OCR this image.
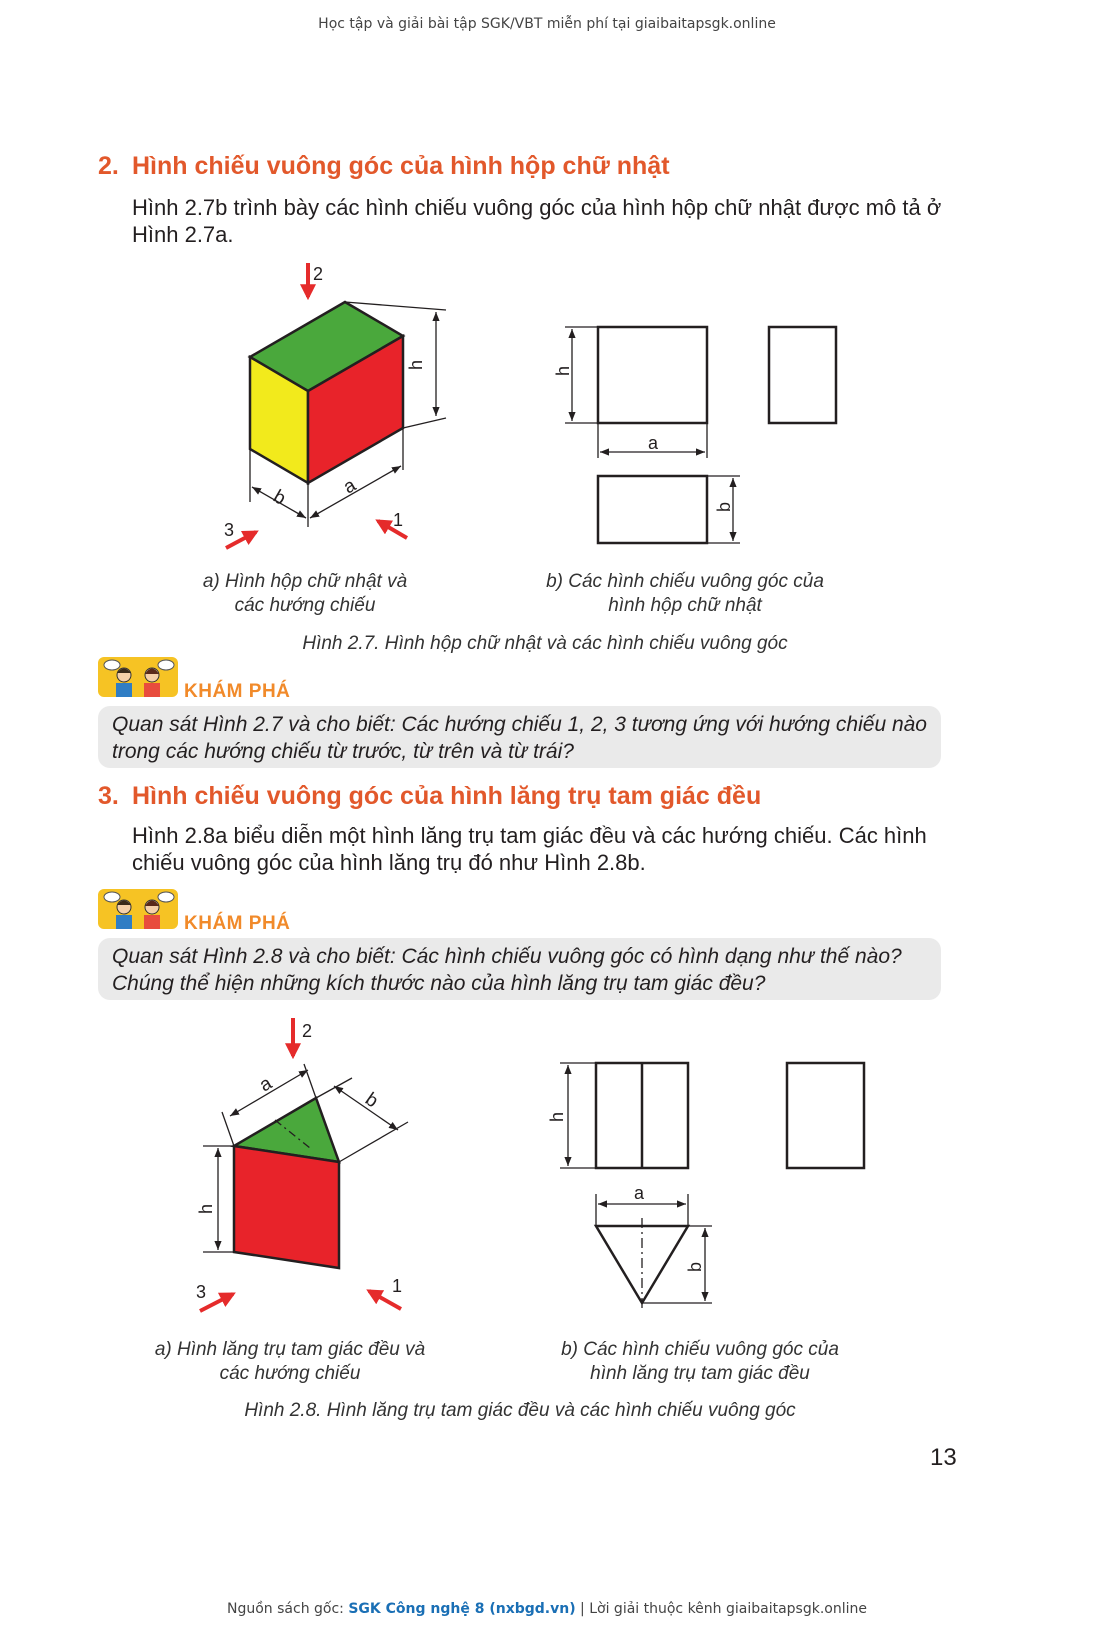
Học tập và giải bài tập SGK/VBT miễn phí tại giaibaitapsgk.online
2. Hình chiếu vuông góc của hình hộp chữ nhật
Hình 2.7b trình bày các hình chiếu vuông góc của hình hộp chữ nhật được mô tả ở
Hình 2.7a.
h
b	a
2
1
3
h
a
b
a) Hình hộp chữ nhật và
các hướng chiếu
b) Các hình chiếu vuông góc của
hình hộp chữ nhật
Hình 2.7. Hình hộp chữ nhật và các hình chiếu vuông góc
KHÁM PHÁ
Quan sát Hình 2.7 và cho biết: Các hướng chiếu 1, 2, 3 tương ứng với hướng chiếu nào
trong các hướng chiếu từ trước, từ trên và từ trái?
3. Hình chiếu vuông góc của hình lăng trụ tam giác đều
Hình 2.8a biểu diễn một hình lăng trụ tam giác đều và các hướng chiếu. Các hình
chiếu vuông góc của hình lăng trụ đó như Hình 2.8b.
KHÁM PHÁ
Quan sát Hình 2.8 và cho biết: Các hình chiếu vuông góc có hình dạng như thế nào?
Chúng thể hiện những kích thước nào của hình lăng trụ tam giác đều?
a
b
h
2
1
3
h
a
b
a) Hình lăng trụ tam giác đều và
các hướng chiếu
b) Các hình chiếu vuông góc của
hình lăng trụ tam giác đều
Hình 2.8. Hình lăng trụ tam giác đều và các hình chiếu vuông góc
13
Nguồn sách gốc: SGK Công nghệ 8 (nxbgd.vn) | Lời giải thuộc kênh giaibaitapsgk.online
